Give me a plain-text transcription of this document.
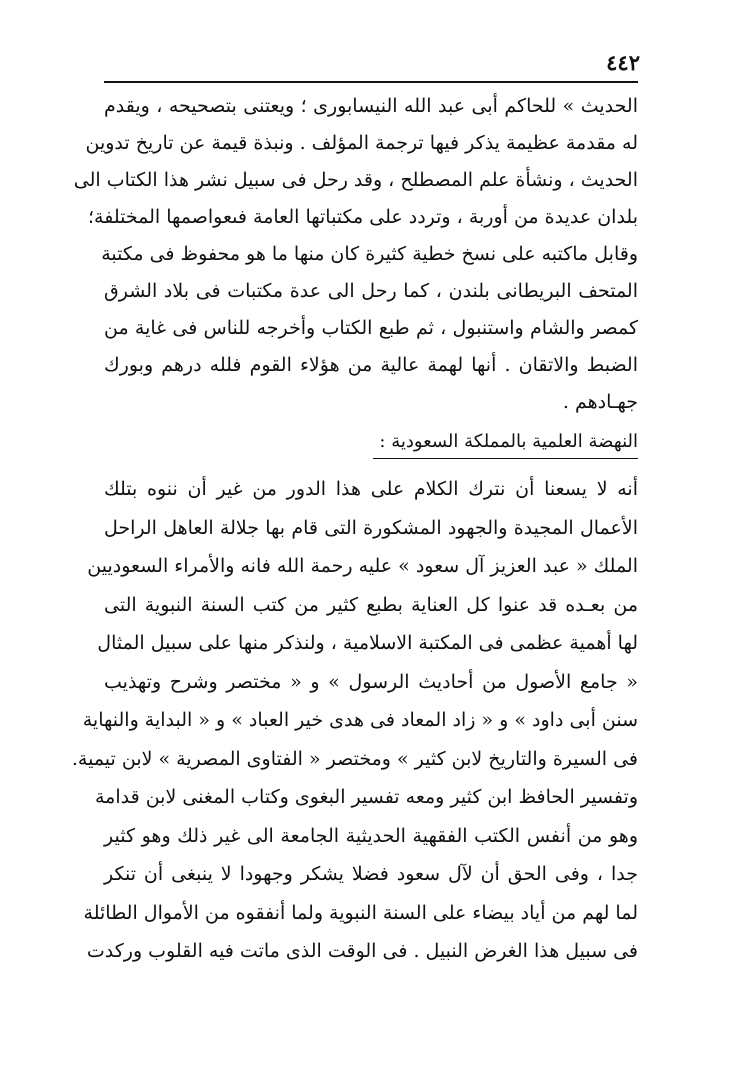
٤٤٢
الحديث » للحاكم أبى عبد الله النيسابورى ؛ ويعتنى بتصحيحه ، ويقدم
له مقدمة عظيمة يذكر فيها ترجمة المؤلف . ونبذة قيمة عن تاريخ تدوين
الحديث ، ونشأة علم المصطلح ، وقد رحل فى سبيل نشر هذا الكتاب الى
بلدان عديدة من أوربة ، وتردد على مكتباتها العامة فىعواصمها المختلفة؛
وقابل ماكتبه على نسخ خطية كثيرة كان منها ما هو محفوظ فى مكتبة
المتحف البريطانى بلندن ، كما رحل الى عدة مكتبات فى بلاد الشرق
كمصر والشام واستنبول ، ثم طبع الكتاب وأخرجه للناس فى غاية من
الضبط والاتقان . أنها لهمة عالية من هؤلاء القوم فلله درهم وبورك
جهـادهم .
النهضة العلمية بالمملكة السعودية :
أنه لا يسعنا أن نترك الكلام على هذا الدور من غير أن ننوه بتلك
الأعمال المجيدة والجهود المشكورة التى قام بها جلالة العاهل الراحل
الملك « عبد العزيز آل سعود » عليه رحمة الله فانه والأمراء السعوديين
من بعـده قد عنوا كل العناية بطبع كثير من كتب السنة النبوية التى
لها أهمية عظمى فى المكتبة الاسلامية ، ولنذكر منها على سبيل المثال
« جامع الأصول من أحاديث الرسول » و « مختصر وشرح وتهذيب
سنن أبى داود » و « زاد المعاد فى هدى خير العباد » و « البداية والنهاية
فى السيرة والتاريخ لابن كثير » ومختصر « الفتاوى المصرية » لابن تيمية.
وتفسير الحافظ ابن كثير ومعه تفسير البغوى وكتاب المغنى لابن قدامة
وهو من أنفس الكتب الفقهية الحديثية الجامعة الى غير ذلك وهو كثير
جدا ، وفى الحق أن لآل سعود فضلا يشكر وجهودا لا ينبغى أن تنكر
لما لهم من أياد بيضاء على السنة النبوية ولما أنفقوه من الأموال الطائلة
فى سبيل هذا الغرض النبيل . فى الوقت الذى ماتت فيه القلوب وركدت
